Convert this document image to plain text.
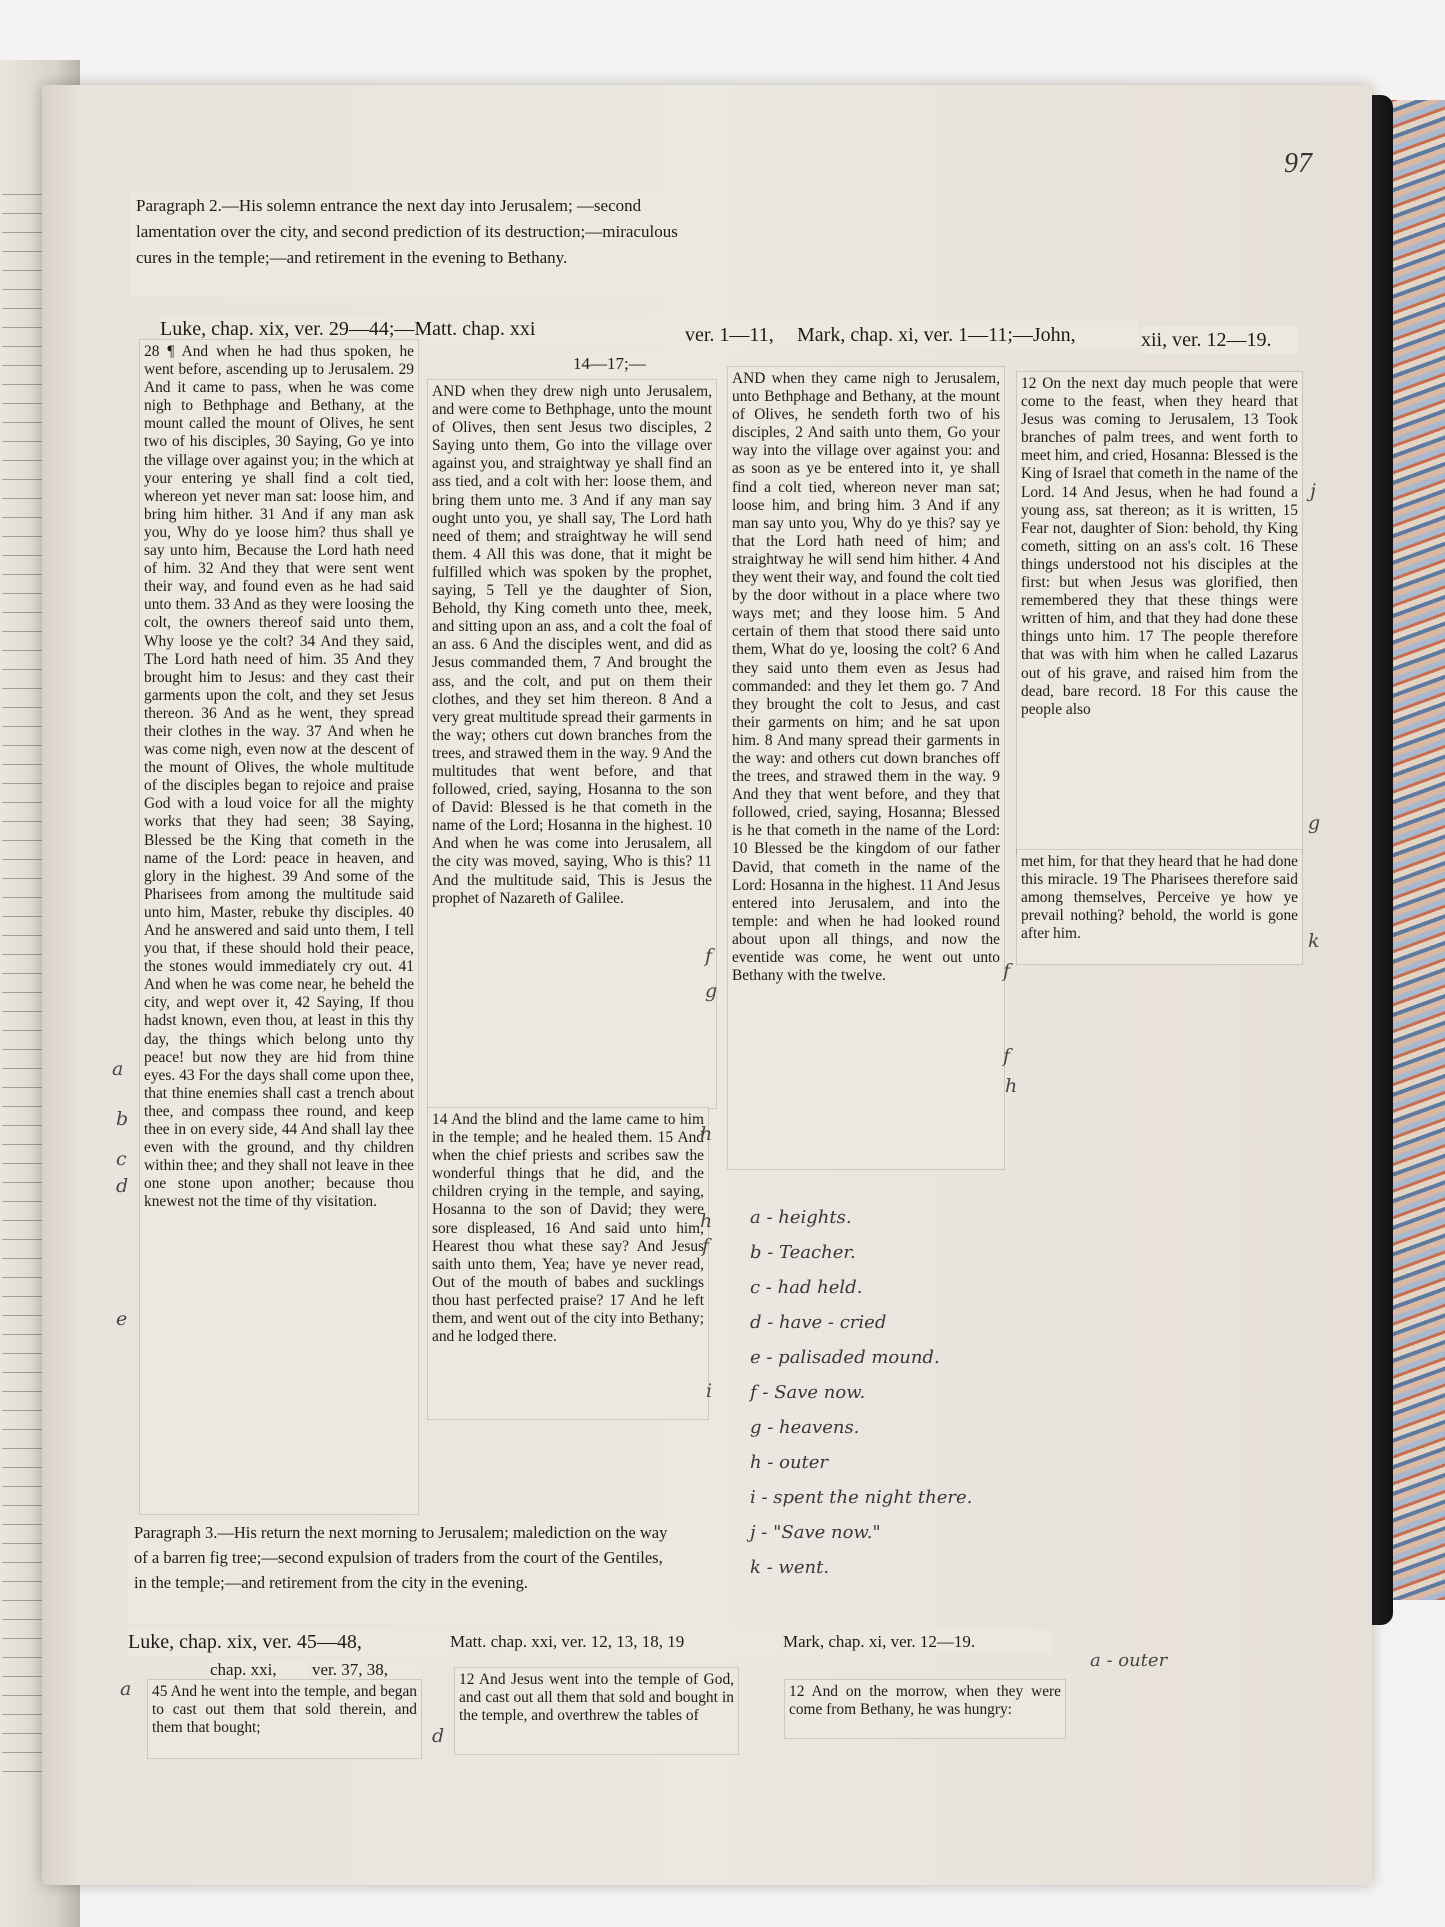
97
Paragraph 2.—His solemn entrance the next day into Jerusalem; —second lamentation over the city, and second prediction of its destruction;—miraculous cures in the temple;—and retirement in the evening to Bethany.
Luke, chap. xix, ver. 29—44;—Matt. chap. xxi	ver. 1—11,	Mark, chap. xi, ver. 1—11;—John,	xii, ver. 12—19.
14—17;—
28 ¶ And when he had thus spoken, he went before, ascending up to Jerusalem. 29 And it came to pass, when he was come nigh to Bethphage and Bethany, at the mount called the mount of Olives, he sent two of his disciples, 30 Saying, Go ye into the village over against you; in the which at your entering ye shall find a colt tied, whereon yet never man sat: loose him, and bring him hither. 31 And if any man ask you, Why do ye loose him? thus shall ye say unto him, Because the Lord hath need of him. 32 And they that were sent went their way, and found even as he had said unto them. 33 And as they were loosing the colt, the owners thereof said unto them, Why loose ye the colt? 34 And they said, The Lord hath need of him. 35 And they brought him to Jesus: and they cast their garments upon the colt, and they set Jesus thereon. 36 And as he went, they spread their clothes in the way. 37 And when he was come nigh, even now at the descent of the mount of Olives, the whole multitude of the disciples began to rejoice and praise God with a loud voice for all the mighty works that they had seen; 38 Saying, Blessed be the King that cometh in the name of the Lord: peace in heaven, and glory in the highest. 39 And some of the Pharisees from among the multitude said unto him, Master, rebuke thy disciples. 40 And he answered and said unto them, I tell you that, if these should hold their peace, the stones would immediately cry out. 41 And when he was come near, he beheld the city, and wept over it, 42 Saying, If thou hadst known, even thou, at least in this thy day, the things which belong unto thy peace! but now they are hid from thine eyes. 43 For the days shall come upon thee, that thine enemies shall cast a trench about thee, and compass thee round, and keep thee in on every side, 44 And shall lay thee even with the ground, and thy children within thee; and they shall not leave in thee one stone upon another; because thou knewest not the time of thy visitation.
AND when they drew nigh unto Jerusalem, and were come to Bethphage, unto the mount of Olives, then sent Jesus two disciples, 2 Saying unto them, Go into the village over against you, and straightway ye shall find an ass tied, and a colt with her: loose them, and bring them unto me. 3 And if any man say ought unto you, ye shall say, The Lord hath need of them; and straightway he will send them. 4 All this was done, that it might be fulfilled which was spoken by the prophet, saying, 5 Tell ye the daughter of Sion, Behold, thy King cometh unto thee, meek, and sitting upon an ass, and a colt the foal of an ass. 6 And the disciples went, and did as Jesus commanded them, 7 And brought the ass, and the colt, and put on them their clothes, and they set him thereon. 8 And a very great multitude spread their garments in the way; others cut down branches from the trees, and strawed them in the way. 9 And the multitudes that went before, and that followed, cried, saying, Hosanna to the son of David: Blessed is he that cometh in the name of the Lord; Hosanna in the highest. 10 And when he was come into Jerusalem, all the city was moved, saying, Who is this? 11 And the multitude said, This is Jesus the prophet of Nazareth of Galilee.
14 And the blind and the lame came to him in the temple; and he healed them. 15 And when the chief priests and scribes saw the wonderful things that he did, and the children crying in the temple, and saying, Hosanna to the son of David; they were sore displeased, 16 And said unto him, Hearest thou what these say? And Jesus saith unto them, Yea; have ye never read, Out of the mouth of babes and sucklings thou hast perfected praise? 17 And he left them, and went out of the city into Bethany; and he lodged there.
AND when they came nigh to Jerusalem, unto Bethphage and Bethany, at the mount of Olives, he sendeth forth two of his disciples, 2 And saith unto them, Go your way into the village over against you: and as soon as ye be entered into it, ye shall find a colt tied, whereon never man sat; loose him, and bring him. 3 And if any man say unto you, Why do ye this? say ye that the Lord hath need of him; and straightway he will send him hither. 4 And they went their way, and found the colt tied by the door without in a place where two ways met; and they loose him. 5 And certain of them that stood there said unto them, What do ye, loosing the colt? 6 And they said unto them even as Jesus had commanded: and they let them go. 7 And they brought the colt to Jesus, and cast their garments on him; and he sat upon him. 8 And many spread their garments in the way: and others cut down branches off the trees, and strawed them in the way. 9 And they that went before, and they that followed, cried, saying, Hosanna; Blessed is he that cometh in the name of the Lord: 10 Blessed be the kingdom of our father David, that cometh in the name of the Lord: Hosanna in the highest. 11 And Jesus entered into Jerusalem, and into the temple: and when he had looked round about upon all things, and now the eventide was come, he went out unto Bethany with the twelve.
12 On the next day much people that were come to the feast, when they heard that Jesus was coming to Jerusalem, 13 Took branches of palm trees, and went forth to meet him, and cried, Hosanna: Blessed is the King of Israel that cometh in the name of the Lord. 14 And Jesus, when he had found a young ass, sat thereon; as it is written, 15 Fear not, daughter of Sion: behold, thy King cometh, sitting on an ass's colt. 16 These things understood not his disciples at the first: but when Jesus was glorified, then remembered they that these things were written of him, and that they had done these things unto him. 17 The people therefore that was with him when he called Lazarus out of his grave, and raised him from the dead, bare record. 18 For this cause the people also
met him, for that they heard that he had done this miracle. 19 The Pharisees therefore said among themselves, Perceive ye how ye prevail nothing? behold, the world is gone after him.
Paragraph 3.—His return the next morning to Jerusalem; malediction on the way of a barren fig tree;—second expulsion of traders from the court of the Gentiles, in the temple;—and retirement from the city in the evening.
Luke, chap. xix, ver. 45—48,	Matt. chap. xxi, ver. 12, 13, 18, 19	Mark, chap. xi, ver. 12—19.
chap. xxi,	ver. 37, 38,
45 And he went into the temple, and began to cast out them that sold therein, and them that bought;
12 And Jesus went into the temple of God, and cast out all them that sold and bought in the temple, and overthrew the tables of
12 And on the morrow, when they were come from Bethany, he was hungry:
a
b
c
d
e
f
g
h
h
f
i
f
f
h
j
g
k
a
d
a - heights.
b - Teacher.
c - had held.
d - have - cried
e - palisaded mound.
f - Save now.
g - heavens.
h - outer
i - spent the night there.
j - "Save now."
k - went.
a - outer
